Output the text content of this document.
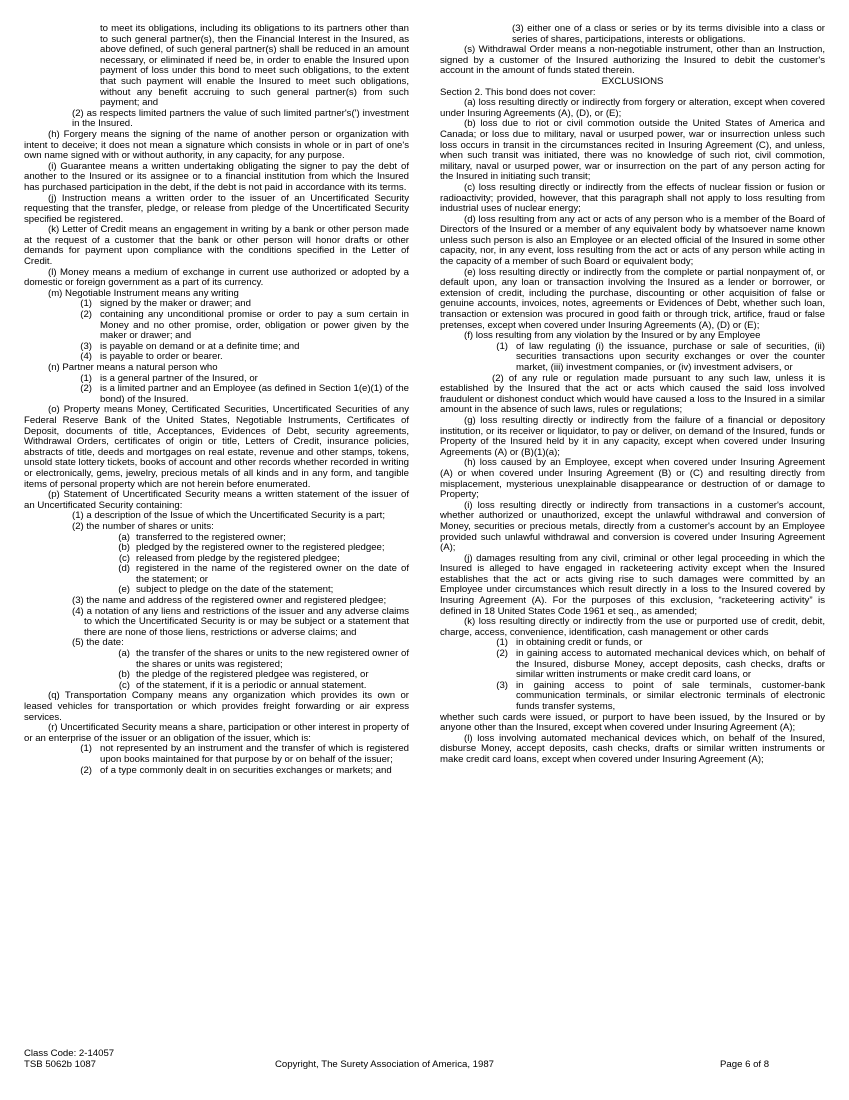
to meet its obligations, including its obligations to its partners other than to such general partner(s), then the Financial Interest in the Insured, as above defined, of such general partner(s) shall be reduced in an amount necessary, or eliminated if need be, in order to enable the Insured upon payment of loss under this bond to meet such obligations, to the extent that such payment will enable the Insured to meet such obligations, without any benefit accruing to such general partner(s) from such payment; and

(2) as respects limited partners the value of such limited partner's(') investment in the Insured.

(h) Forgery means the signing of the name of another person or organization with intent to deceive; it does not mean a signature which consists in whole or in part of one's own name signed with or without authority, in any capacity, for any purpose.

(i) Guarantee means a written undertaking obligating the signer to pay the debt of another to the Insured or its assignee or to a financial institution from which the Insured has purchased participation in the debt, if the debt is not paid in accordance with its terms.

(j) Instruction means a written order to the issuer of an Uncertificated Security requesting that the transfer, pledge, or release from pledge of the Uncertificated Security specified be registered.

(k) Letter of Credit means an engagement in writing by a bank or other person made at the request of a customer that the bank or other person will honor drafts or other demands for payment upon compliance with the conditions specified in the Letter of Credit.

(l) Money means a medium of exchange in current use authorized or adopted by a domestic or foreign government as a part of its currency.

(m) Negotiable Instrument means any writing

(1) signed by the maker or drawer; and
(2) containing any unconditional promise or order to pay a sum certain in Money and no other promise, order, obligation or power given by the maker or drawer; and
(3) is payable on demand or at a definite time; and
(4) is payable to order or bearer.

(n) Partner means a natural person who

(1) is a general partner of the Insured, or
(2) is a limited partner and an Employee (as defined in Section 1(e)(1) of the bond) of the Insured.

(o) Property means Money, Certificated Securities, Uncertificated Securities of any Federal Reserve Bank of the United States, Negotiable Instruments, Certificates of Deposit, documents of title, Acceptances, Evidences of Debt, security agreements, Withdrawal Orders, certificates of origin or title, Letters of Credit, insurance policies, abstracts of title, deeds and mortgages on real estate, revenue and other stamps, tokens, unsold state lottery tickets, books of account and other records whether recorded in writing or electronically, gems, jewelry, precious metals of all kinds and in any form, and tangible items of personal property which are not herein before enumerated.

(p) Statement of Uncertificated Security means a written statement of the issuer of an Uncertificated Security containing:

(1) a description of the Issue of which the Uncertificated Security is a part;

(2) the number of shares or units:

(a) transferred to the registered owner;
(b) pledged by the registered owner to the registered pledgee;
(c) released from pledge by the registered pledgee;
(d) registered in the name of the registered owner on the date of the statement; or
(e) subject to pledge on the date of the statement;

(3) the name and address of the registered owner and registered pledgee;

(4) a notation of any liens and restrictions of the issuer and any adverse claims to which the Uncertificated Security is or may be subject or a statement that there are none of those liens, restrictions or adverse claims; and

(5) the date:

(a) the transfer of the shares or units to the new registered owner of the shares or units was registered;
(b) the pledge of the registered pledgee was registered, or
(c) of the statement, if it is a periodic or annual statement.

(q) Transportation Company means any organization which provides its own or leased vehicles for transportation or which provides freight forwarding or air express services.

(r) Uncertificated Security means a share, participation or other interest in property of or an enterprise of the issuer or an obligation of the issuer, which is:

(1) not represented by an instrument and the transfer of which is registered upon books maintained for that purpose by or on behalf of the issuer;
(2) of a type commonly dealt in on securities exchanges or markets; and

(3) either one of a class or series or by its terms divisible into a class or series of shares, participations, interests or obligations.

(s) Withdrawal Order means a non-negotiable instrument, other than an Instruction, signed by a customer of the Insured authorizing the Insured to debit the customer's account in the amount of funds stated therein.

EXCLUSIONS

Section 2. This bond does not cover:

(a) loss resulting directly or indirectly from forgery or alteration, except when covered under Insuring Agreements (A), (D), or (E);

(b) loss due to riot or civil commotion outside the United States of America and Canada; or loss due to military, naval or usurped power, war or insurrection unless such loss occurs in transit in the circumstances recited in Insuring Agreement (C), and unless, when such transit was initiated, there was no knowledge of such riot, civil commotion, military, naval or usurped power, war or insurrection on the part of any person acting for the Insured in initiating such transit;

(c) loss resulting directly or indirectly from the effects of nuclear fission or fusion or radioactivity; provided, however, that this paragraph shall not apply to loss resulting from industrial uses of nuclear energy;

(d) loss resulting from any act or acts of any person who is a member of the Board of Directors of the Insured or a member of any equivalent body by whatsoever name known unless such person is also an Employee or an elected official of the Insured in some other capacity, nor, in any event, loss resulting from the act or acts of any person while acting in the capacity of a member of such Board or equivalent body;

(e) loss resulting directly or indirectly from the complete or partial nonpayment of, or default upon, any loan or transaction involving the Insured as a lender or borrower, or extension of credit, including the purchase, discounting or other acquisition of false or genuine accounts, invoices, notes, agreements or Evidences of Debt, whether such loan, transaction or extension was procured in good faith or through trick, artifice, fraud or false pretenses, except when covered under Insuring Agreements (A), (D) or (E);

(f) loss resulting from any violation by the Insured or by any Employee

(1) of law regulating (i) the issuance, purchase or sale of securities, (ii) securities transactions upon security exchanges or over the counter market, (iii) investment companies, or (iv) investment advisers, or

(2) of any rule or regulation made pursuant to any such law, unless it is established by the Insured that the act or acts which caused the said loss involved fraudulent or dishonest conduct which would have caused a loss to the Insured in a similar amount in the absence of such laws, rules or regulations;

(g) loss resulting directly or indirectly from the failure of a financial or depository institution, or its receiver or liquidator, to pay or deliver, on demand of the Insured, funds or Property of the Insured held by it in any capacity, except when covered under Insuring Agreements (A) or (B)(1)(a);

(h) loss caused by an Employee, except when covered under Insuring Agreement (A) or when covered under Insuring Agreement (B) or (C) and resulting directly from misplacement, mysterious unexplainable disappearance or destruction of or damage to Property;

(i) loss resulting directly or indirectly from transactions in a customer's account, whether authorized or unauthorized, except the unlawful withdrawal and conversion of Money, securities or precious metals, directly from a customer's account by an Employee provided such unlawful withdrawal and conversion is covered under Insuring Agreement (A);

(j) damages resulting from any civil, criminal or other legal proceeding in which the Insured is alleged to have engaged in racketeering activity except when the Insured establishes that the act or acts giving rise to such damages were committed by an Employee under circumstances which result directly in a loss to the Insured covered by Insuring Agreement (A). For the purposes of this exclusion, “racketeering activity” is defined in 18 United States Code 1961 et seq., as amended;

(k) loss resulting directly or indirectly from the use or purported use of credit, debit, charge, access, convenience, identification, cash management or other cards

(1) in obtaining credit or funds, or
(2) in gaining access to automated mechanical devices which, on behalf of the Insured, disburse Money, accept deposits, cash checks, drafts or similar written instruments or make credit card loans, or
(3) in gaining access to point of sale terminals, customer-bank communication terminals, or similar electronic terminals of electronic funds transfer systems,

whether such cards were issued, or purport to have been issued, by the Insured or by anyone other than the Insured, except when covered under Insuring Agreement (A);

(l) loss involving automated mechanical devices which, on behalf of the Insured, disburse Money, accept deposits, cash checks, drafts or similar written instruments or make credit card loans, except when covered under Insuring Agreement (A);

Class Code: 2-14057
TSB 5062b 1087	Copyright, The Surety Association of America, 1987	Page 6 of 8
